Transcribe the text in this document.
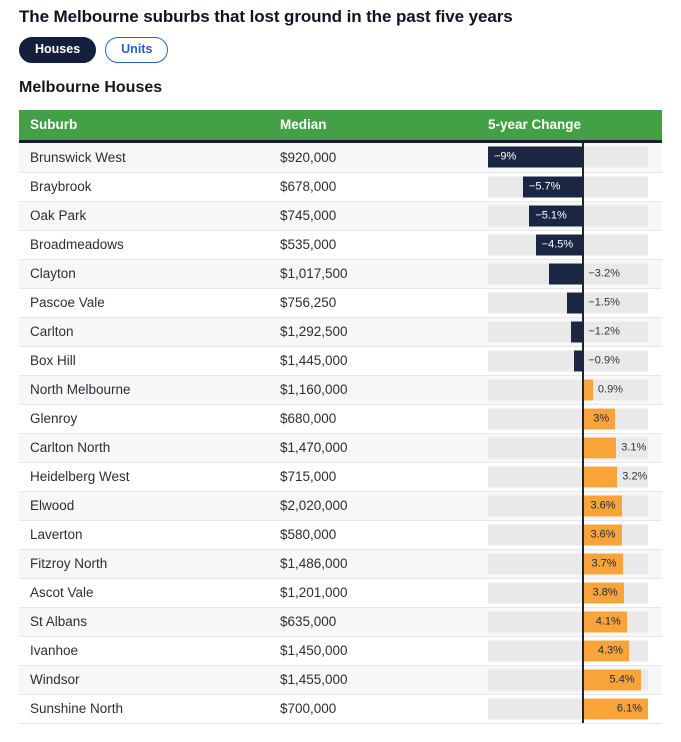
The Melbourne suburbs that lost ground in the past five years
Houses	Units
Melbourne Houses
Suburb	Median	5-year Change
Brunswick West	$920,000	−9%
Braybrook	$678,000	−5.7%
Oak Park	$745,000	−5.1%
Broadmeadows	$535,000	−4.5%
Clayton	$1,017,500	−3.2%
Pascoe Vale	$756,250	−1.5%
Carlton	$1,292,500	−1.2%
Box Hill	$1,445,000	−0.9%
North Melbourne	$1,160,000	0.9%
Glenroy	$680,000	3%
Carlton North	$1,470,000	3.1%
Heidelberg West	$715,000	3.2%
Elwood	$2,020,000	3.6%
Laverton	$580,000	3.6%
Fitzroy North	$1,486,000	3.7%
Ascot Vale	$1,201,000	3.8%
St Albans	$635,000	4.1%
Ivanhoe	$1,450,000	4.3%
Windsor	$1,455,000	5.4%
Sunshine North	$700,000	6.1%
